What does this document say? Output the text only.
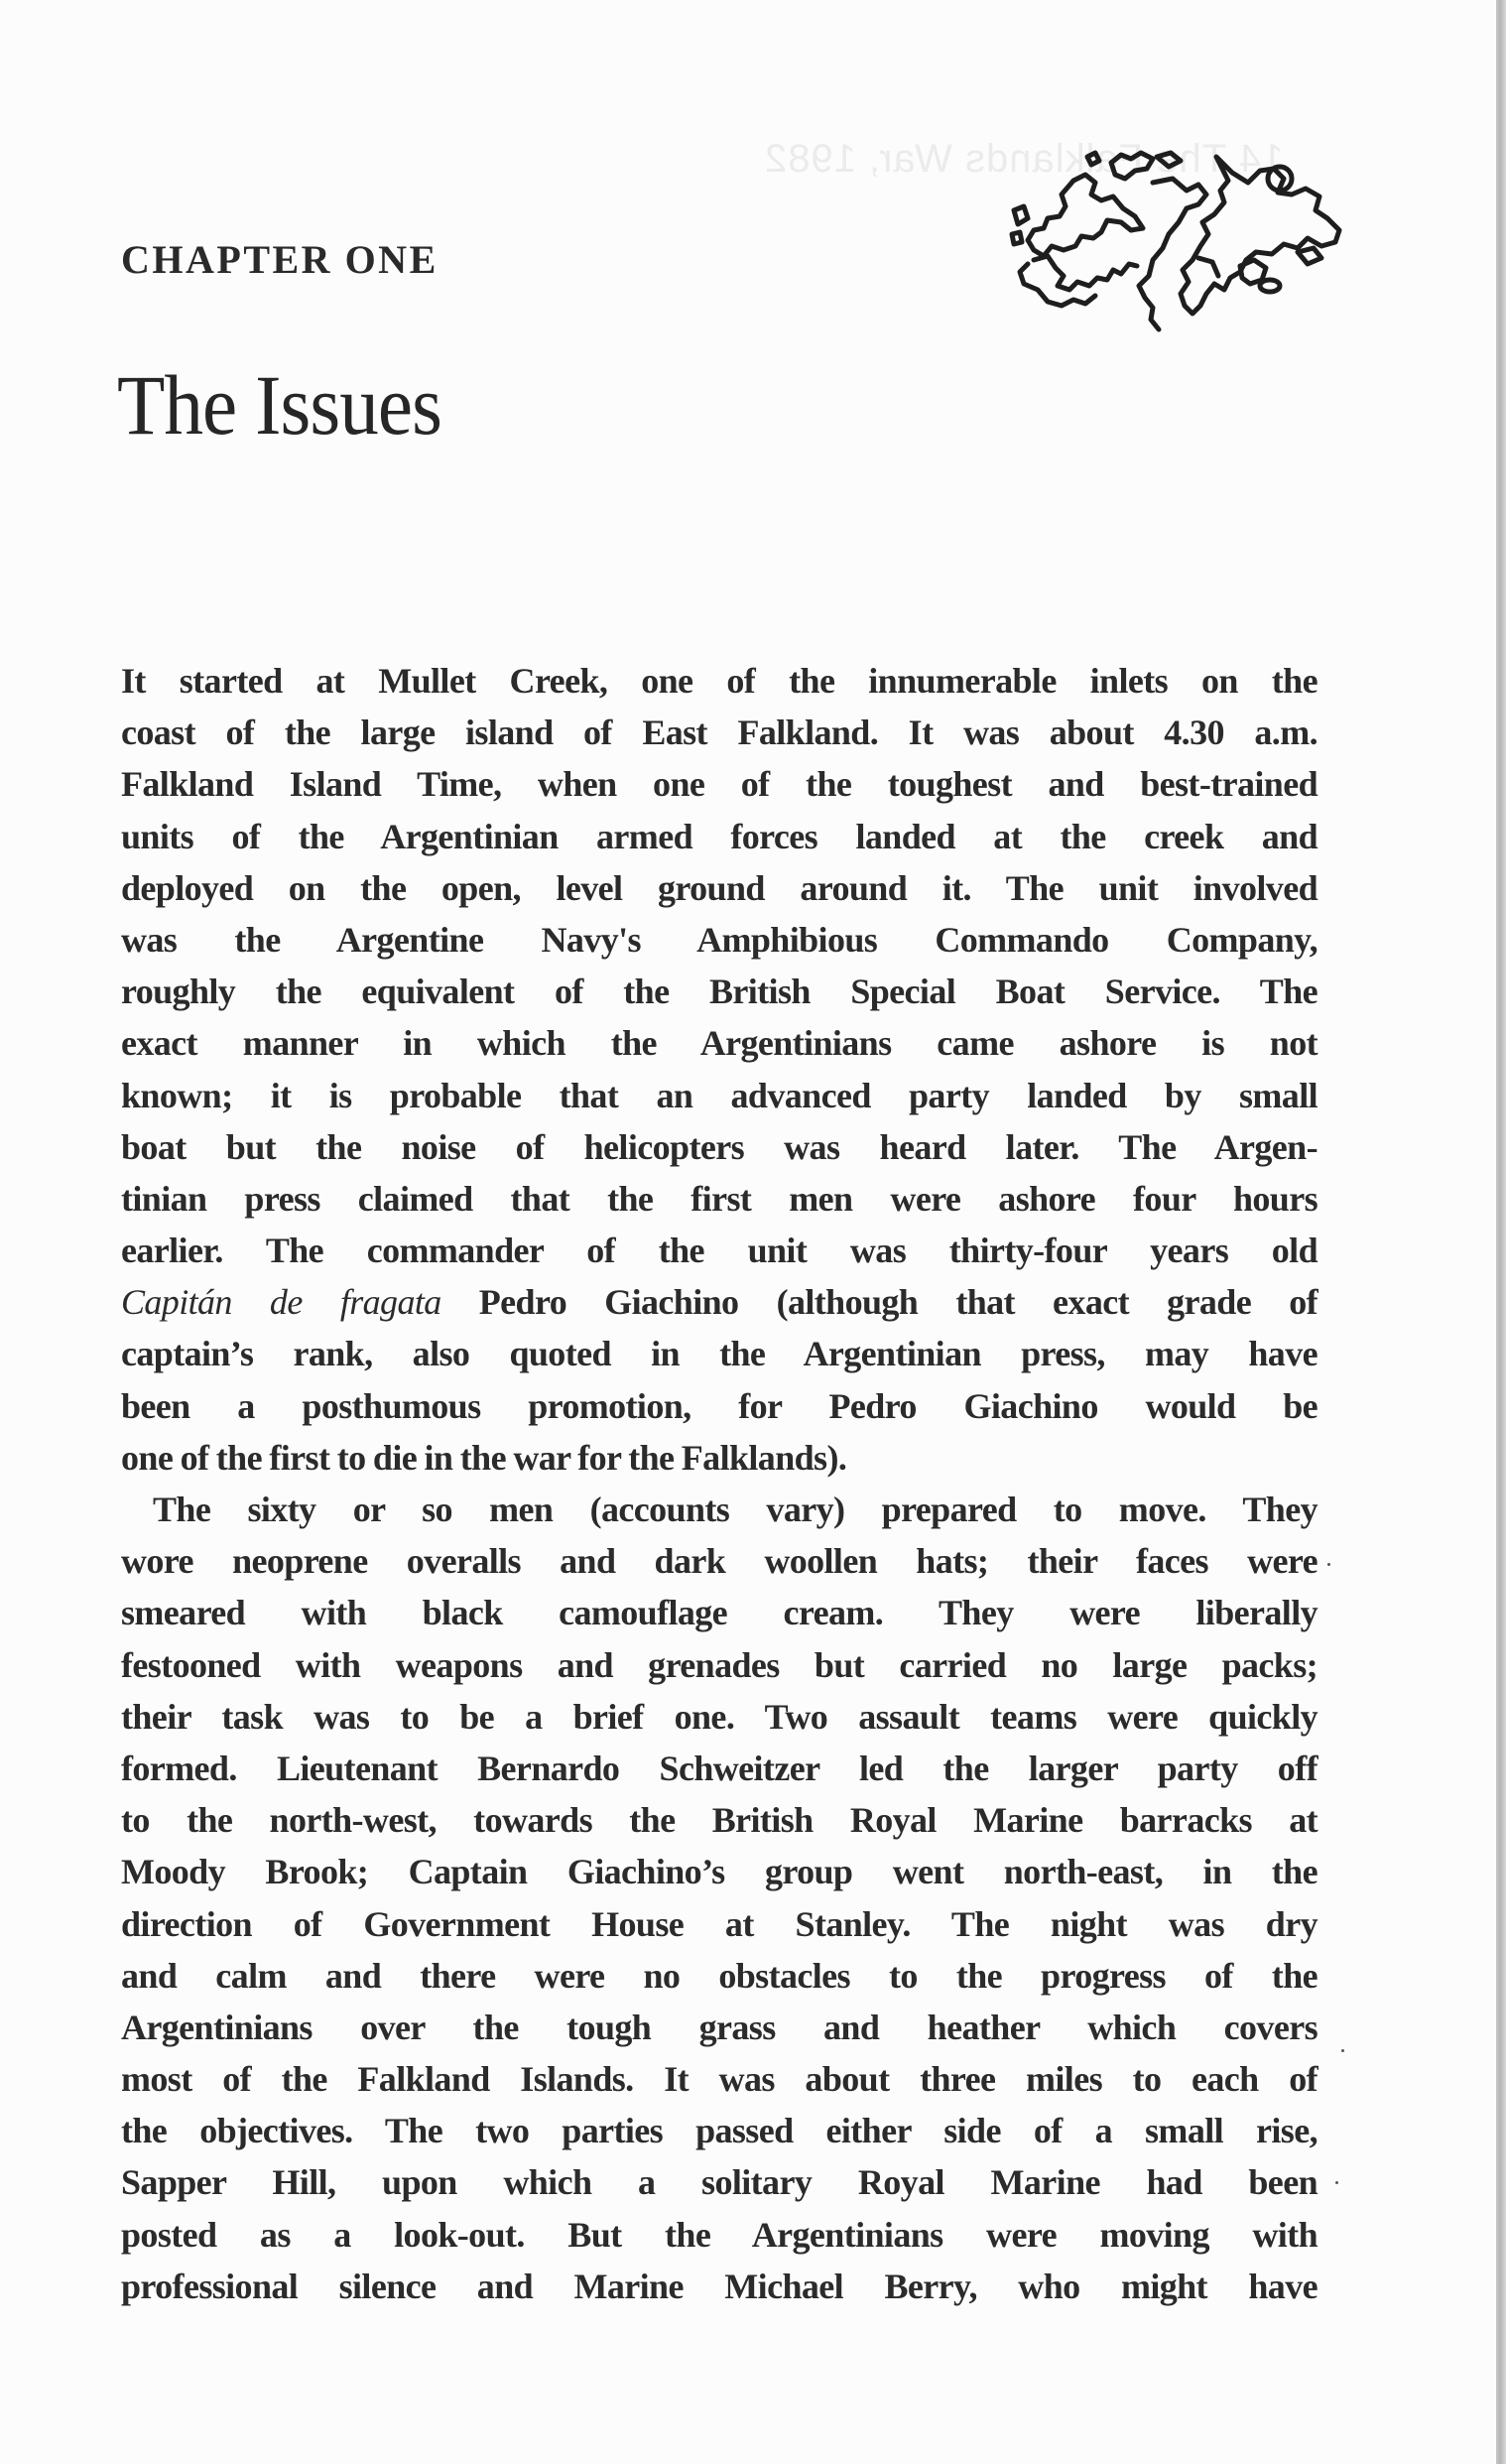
14 The Falklands War, 1982
CHAPTER ONE
The Issues
It started at Mullet Creek, one of the innumerable inlets on the
coast of the large island of East Falkland. It was about 4.30 a.m.
Falkland Island Time, when one of the toughest and best-trained
units of the Argentinian armed forces landed at the creek and
deployed on the open, level ground around it. The unit involved
was the Argentine Navy's Amphibious Commando Company,
roughly the equivalent of the British Special Boat Service. The
exact manner in which the Argentinians came ashore is not
known; it is probable that an advanced party landed by small
boat but the noise of helicopters was heard later. The Argen-
tinian press claimed that the first men were ashore four hours
earlier. The commander of the unit was thirty-four years old
Capitán de fragata Pedro Giachino (although that exact grade of
captain’s rank, also quoted in the Argentinian press, may have
been a posthumous promotion, for Pedro Giachino would be
one of the first to die in the war for the Falklands).
The sixty or so men (accounts vary) prepared to move. They
wore neoprene overalls and dark woollen hats; their faces were
smeared with black camouflage cream. They were liberally
festooned with weapons and grenades but carried no large packs;
their task was to be a brief one. Two assault teams were quickly
formed. Lieutenant Bernardo Schweitzer led the larger party off
to the north-west, towards the British Royal Marine barracks at
Moody Brook; Captain Giachino’s group went north-east, in the
direction of Government House at Stanley. The night was dry
and calm and there were no obstacles to the progress of the
Argentinians over the tough grass and heather which covers
most of the Falkland Islands. It was about three miles to each of
the objectives. The two parties passed either side of a small rise,
Sapper Hill, upon which a solitary Royal Marine had been
posted as a look-out. But the Argentinians were moving with
professional silence and Marine Michael Berry, who might have
